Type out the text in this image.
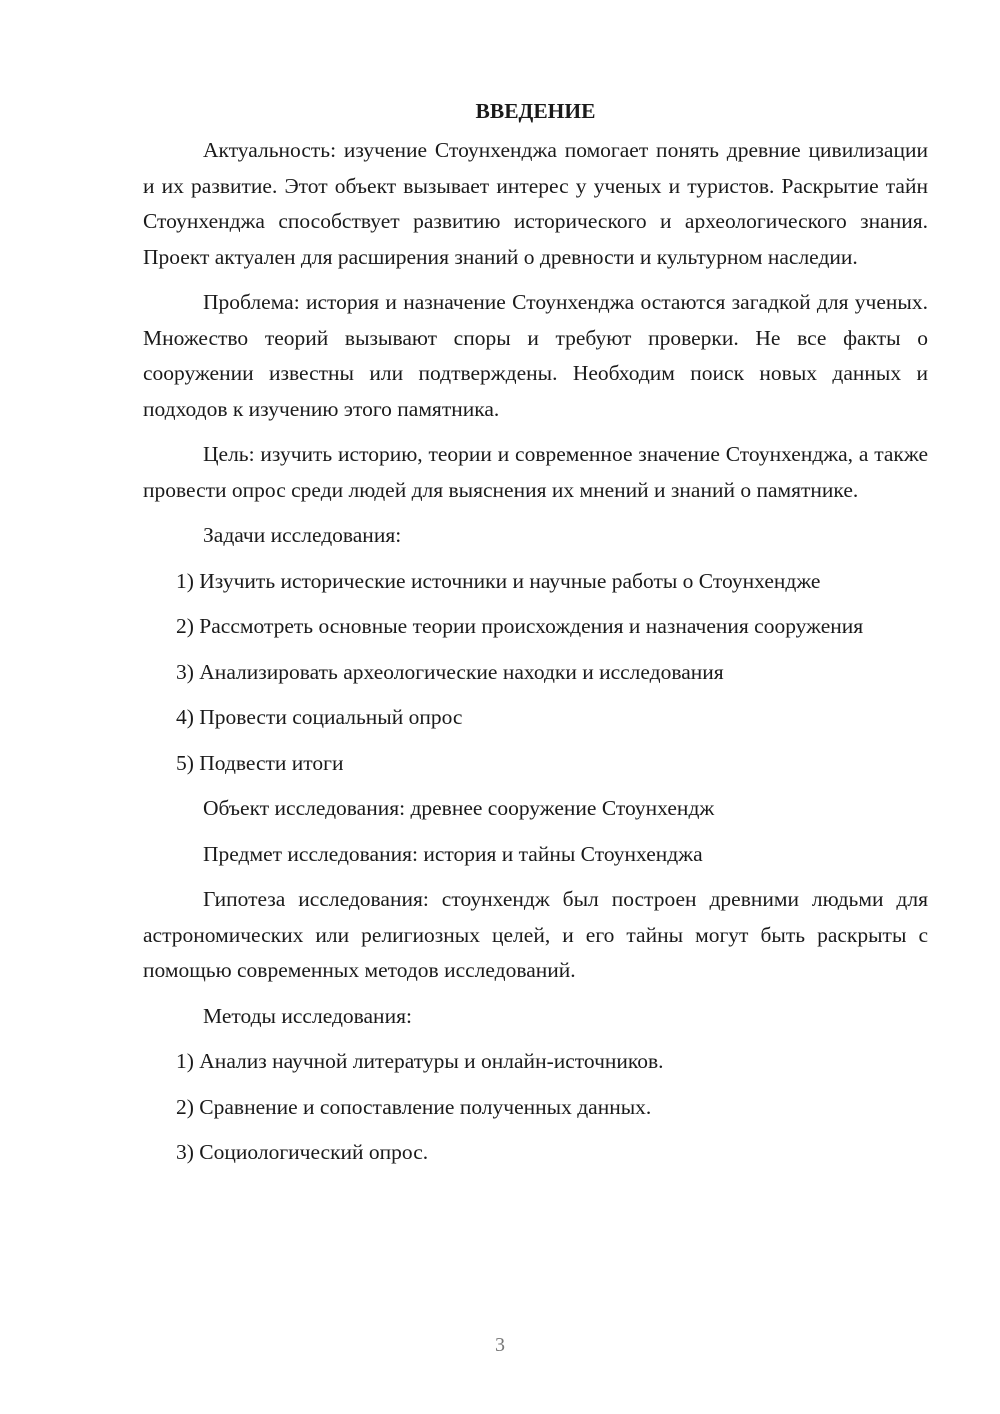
ВВЕДЕНИЕ

Актуальность: изучение Стоунхенджа помогает понять древние цивилизации и их развитие. Этот объект вызывает интерес у ученых и туристов. Раскрытие тайн Стоунхенджа способствует развитию исторического и археологического знания. Проект актуален для расширения знаний о древности и культурном наследии.

Проблема: история и назначение Стоунхенджа остаются загадкой для ученых. Множество теорий вызывают споры и требуют проверки. Не все факты о сооружении известны или подтверждены. Необходим поиск новых данных и подходов к изучению этого памятника.

Цель: изучить историю, теории и современное значение Стоунхенджа, а также провести опрос среди людей для выяснения их мнений и знаний о памятнике.

Задачи исследования:

1) Изучить исторические источники и научные работы о Стоунхендже

2) Рассмотреть основные теории происхождения и назначения сооружения

3) Анализировать археологические находки и исследования

4) Провести социальный опрос

5) Подвести итоги

Объект исследования: древнее сооружение Стоунхендж

Предмет исследования: история и тайны Стоунхенджа

Гипотеза исследования: стоунхендж был построен древними людьми для астрономических или религиозных целей, и его тайны могут быть раскрыты с помощью современных методов исследований.

Методы исследования:

1) Анализ научной литературы и онлайн-источников.

2) Сравнение и сопоставление полученных данных.

3) Социологический опрос.

3
